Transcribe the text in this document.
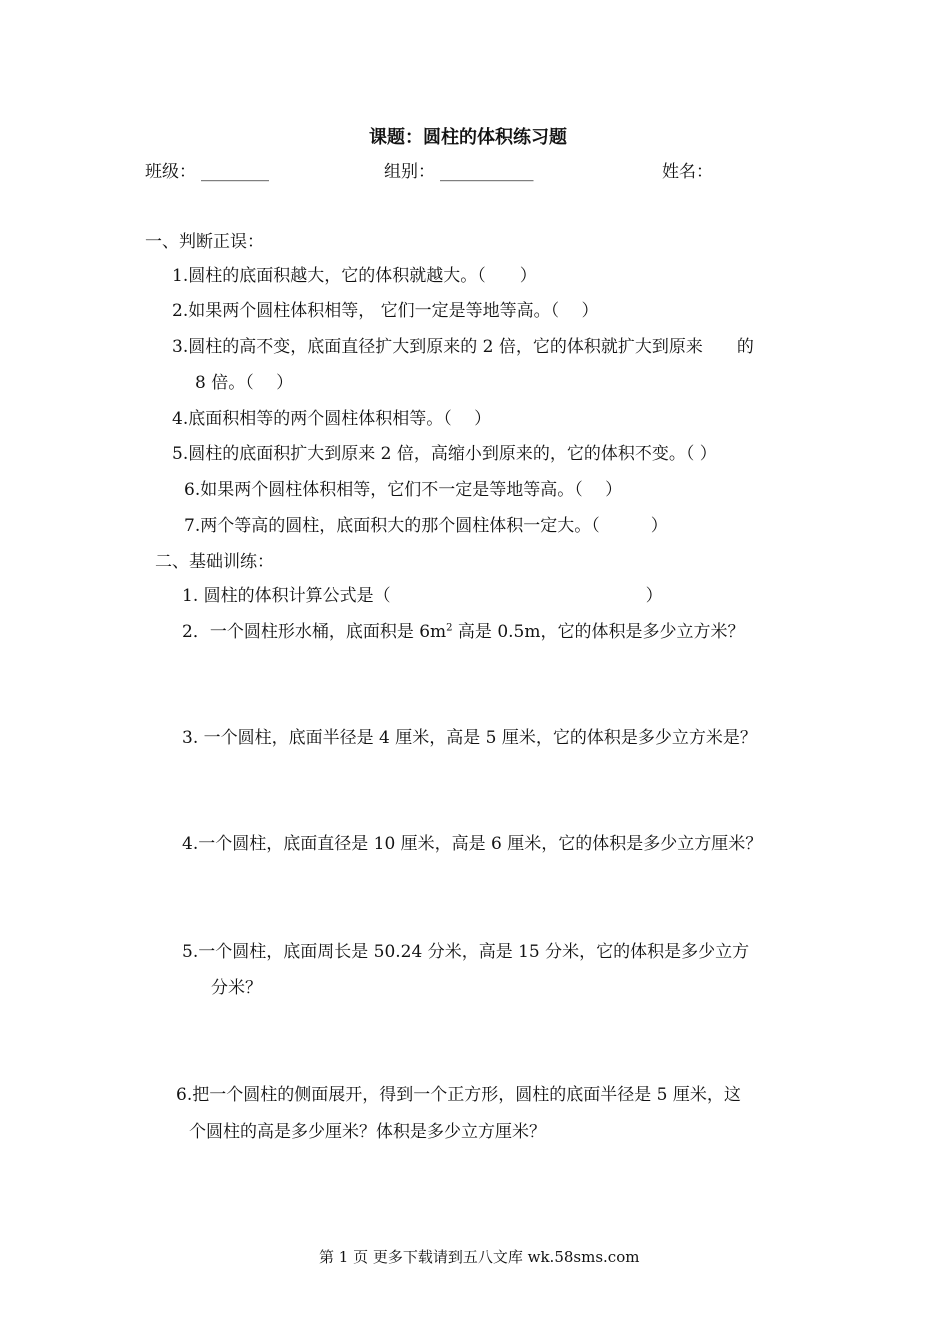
课题：圆柱的体积练习题
班级： ________	组别： ___________	姓名：
一、判断正误：
1.圆柱的底面积越大，它的体积就越大。（　　）
2.如果两个圆柱体积相等， 它们一定是等地等高。（　 ）
3.圆柱的高不变，底面直径扩大到原来的 2 倍，它的体积就扩大到原来　　的
8 倍。（　 ）
4.底面积相等的两个圆柱体积相等。（　 ）
5.圆柱的底面积扩大到原来 2 倍，高缩小到原来的，它的体积不变。（ ）
6.如果两个圆柱体积相等，它们不一定是等地等高。（　 ）
7.两个等高的圆柱，底面积大的那个圆柱体积一定大。（　　　）
二、基础训练：
1. 圆柱的体积计算公式是（　　　　　　　　　　　　　　　）
2．一个圆柱形水桶，底面积是 $6m^2$ 高是 0.5m，它的体积是多少立方米？
3. 一个圆柱，底面半径是 4 厘米，高是 5 厘米，它的体积是多少立方米是？
4.一个圆柱，底面直径是 10 厘米，高是 6 厘米，它的体积是多少立方厘米？
5.一个圆柱，底面周长是 50.24 分米，高是 15 分米，它的体积是多少立方
分米？
6.把一个圆柱的侧面展开，得到一个正方形，圆柱的底面半径是 5 厘米，这
个圆柱的高是多少厘米？体积是多少立方厘米？
第 1 页 更多下载请到五八文库 wk.58sms.com
